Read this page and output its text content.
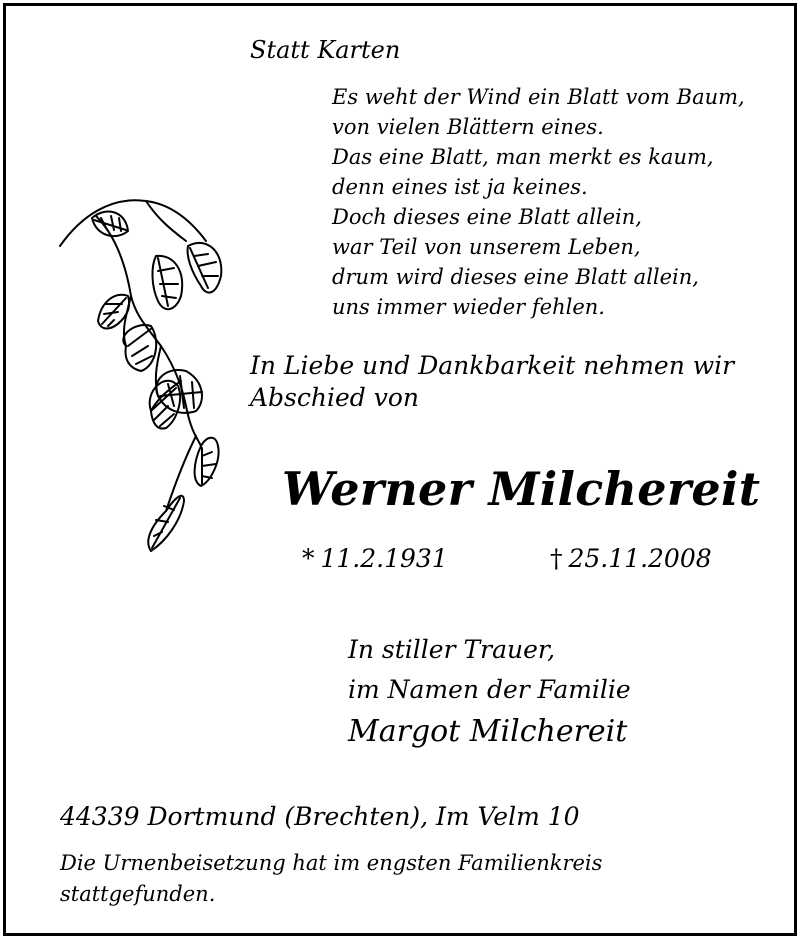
Statt Karten

Es weht der Wind ein Blatt vom Baum,
von vielen Blättern eines.
Das eine Blatt, man merkt es kaum,
denn eines ist ja keines.
Doch dieses eine Blatt allein,
war Teil von unserem Leben,
drum wird dieses eine Blatt allein,
uns immer wieder fehlen.
In Liebe und Dankbarkeit nehmen wir
Abschied von

Werner Milchereit

* 11.2.1931	† 25.11.2008

In stiller Trauer,
im Namen der Familie

Margot Milchereit

44339 Dortmund (Brechten), Im Velm 10

Die Urnenbeisetzung hat im engsten Familienkreis
stattgefunden.
